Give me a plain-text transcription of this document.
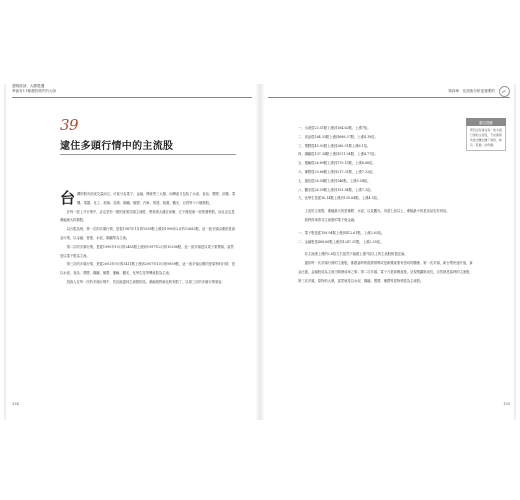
證明底部、大勝股選
華倫有11種選股條件的大師
39
逮住多頭行情中的主流股

台灣的股市依成交量而言，可區分為電子、金融、傳產等三大類，而傳產又包括了水泥、食品、塑膠、紡織、電機、電器、化工、玻璃、造紙、鋼鐵、橡膠、汽車、營建、航運、觀光、百貨等十六個類股。

在每一波上升行情中，必定是有一類的產業拉頭主流股，帶領著大盤往前衝，它不僅是那一波的強勢股，而且必定是漲幅最大的類股。

以台股為例，第一次的多頭行情，是從1987年1月的1039點上漲到1990年2月的12682點，這一波多頭由漲的是資金行情，以金融、營建、水泥、鋼鐵等為主流。

第二次的多頭行情，是從1990年10月的2485點上漲到1997年2月的10256點，這一波多頭是以電子業帶頭，當然是以電子股為主流。

第三次的多頭行情，是從2001年9月的3411點上漲到2007年10月的9859點，這一波多頭反應的是原物料行情，是以水泥、食品、塑膠、鋼鐵、橡膠、運輸、觀光、化學生技等傳產股為主流。

投資人在每一次的多頭行情中，若沒能逮到主流股的話，漲幅相對就比較有限了，以第三次的多頭行情來說：

134
第四章　比技術分析更重要的
觀念提醒
既然沒有逮住每一波多頭行情的主流股，不妨換個角度去賺去賺了幾倍，就有「股價」的份額。
一、水泥從23.51點上漲到164.62點，上漲7倍。
二、食品從164.33點上漲到688.37點，上漲4.19倍。
三、塑膠從45.92點上漲到280.51點上漲6.1倍。
四、鋼鐵從107.34點上漲到511.94點，上漲4.77倍。
五、運輸從26.89點上漲到179.15點，上漲6.66倍。
六、橡膠從29.66點上漲到217.31點，上漲7.32倍。
七、通信從26.54點上漲到146點，上漲5.54倍。
八、觀光從26.59點上漲到191.54點，上漲7.2倍。
九、化學生技從30.14點上漲到135.84點，上漲4.5倍。

上述的主流股，漲幅最大的是橡膠、水泥，以及觀光，均達七倍以上，漲幅最小的是食品也有四倍。

我們再來看非主流股的電子與金融。

一、電子股是從156.94點上漲到412.61點，上漲2.63倍。
二、金融股是488.66點上漲到1247.31點，上漲2.55倍。

非主流漲上漲的2.6倍左右當然不能跟上漲7倍以上的主流股相提並論。

通常每一次多頭行情的主流股，都跟當時的經濟情勢或是新興產業有密切的關係，第一次多頭，新台幣快速升值，資金泛濫，金融股成為主流乃順理成章之事；第二次多頭，電子乃是新興產業，呈現飛躍般成長，自然就是當時的主流股；第三次多頭，原物料大漲，當然就是以水泥、鋼鐵、塑膠、橡膠等原物料股為主流股。

135
